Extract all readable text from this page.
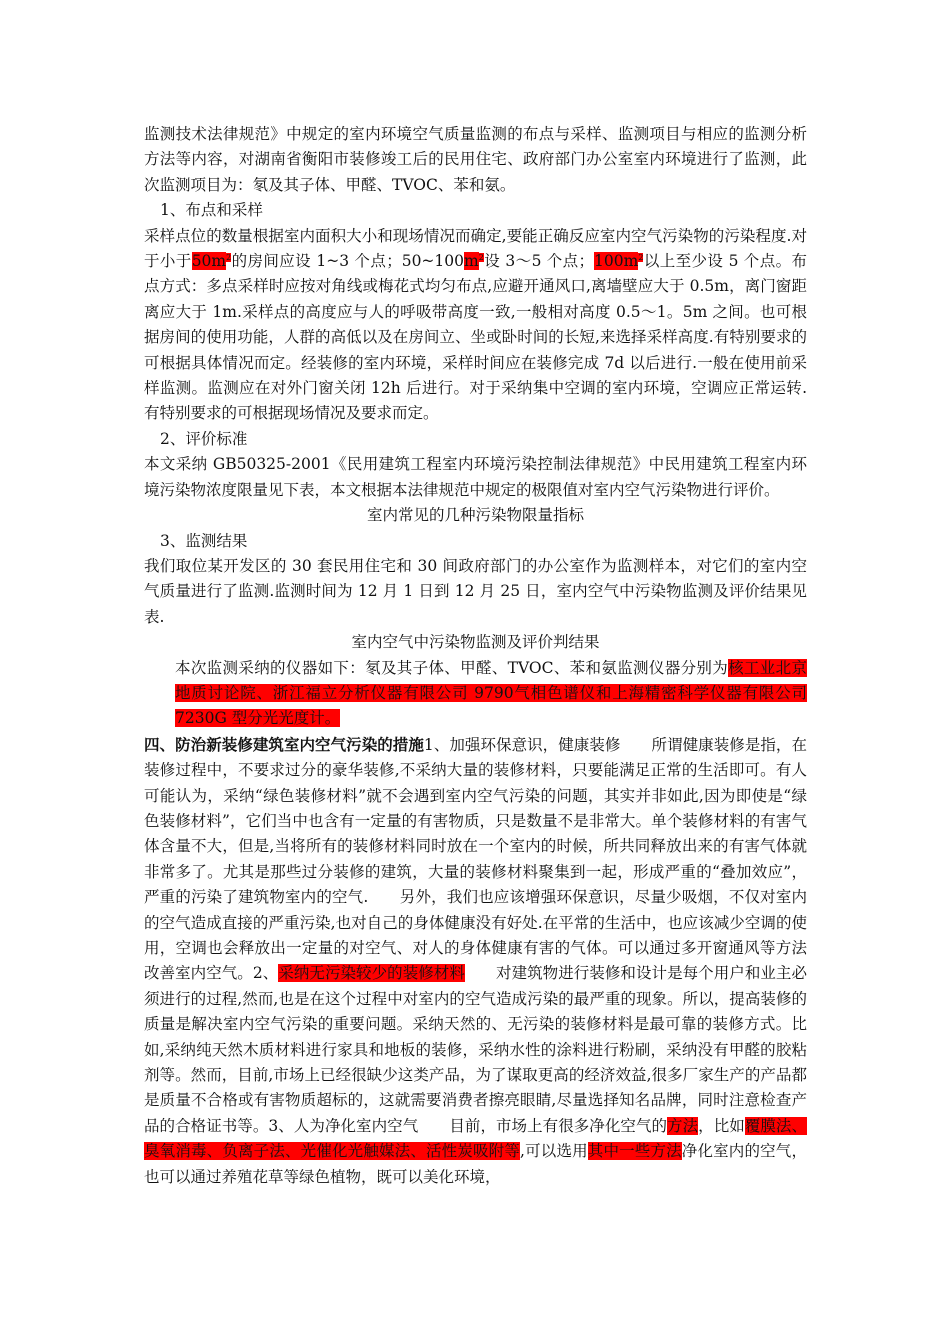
监测技术法律规范》中规定的室内环境空气质量监测的布点与采样、监测项目与相应的监测分析方法等内容，对湖南省衡阳市装修竣工后的民用住宅、政府部门办公室室内环境进行了监测，此次监测项目为：氡及其子体、甲醛、TVOC、苯和氨。

1、布点和采样

采样点位的数量根据室内面积大小和现场情况而确定,要能正确反应室内空气污染物的污染程度.对于小于$50m^2$的房间应设 1~3 个点；$50\sim 100m^2$设 3～5 个点；$100m^2$以上至少设 5 个点。布点方式：多点采样时应按对角线或梅花式均匀布点,应避开通风口,离墙壁应大于 0.5m，离门窗距离应大于 1m.采样点的高度应与人的呼吸带高度一致,一般相对高度 0.5～1。5m 之间。也可根据房间的使用功能，人群的高低以及在房间立、坐或卧时间的长短,来选择采样高度.有特别要求的可根据具体情况而定。经装修的室内环境，采样时间应在装修完成 7d 以后进行.一般在使用前采样监测。监测应在对外门窗关闭 12h 后进行。对于采纳集中空调的室内环境，空调应正常运转.有特别要求的可根据现场情况及要求而定。

2、评价标准

本文采纳 GB50325-2001《民用建筑工程室内环境污染控制法律规范》中民用建筑工程室内环境污染物浓度限量见下表，本文根据本法律规范中规定的极限值对室内空气污染物进行评价。

室内常见的几种污染物限量指标

3、监测结果

我们取位某开发区的 30 套民用住宅和 30 间政府部门的办公室作为监测样本，对它们的室内空气质量进行了监测.监测时间为 12 月 1 日到 12 月 25 日，室内空气中污染物监测及评价结果见表.

室内空气中污染物监测及评价判结果

本次监测采纳的仪器如下：氡及其子体、甲醛、TVOC、苯和氨监测仪器分别为核工业北京地质讨论院、浙江福立分析仪器有限公司 9790气相色谱仪和上海精密科学仪器有限公司 7230G 型分光光度计。

四、防治新装修建筑室内空气污染的措施1、加强环保意识，健康装修　　所谓健康装修是指，在装修过程中，不要求过分的豪华装修,不采纳大量的装修材料，只要能满足正常的生活即可。有人可能认为，采纳“绿色装修材料”就不会遇到室内空气污染的问题，其实并非如此,因为即使是“绿色装修材料”，它们当中也含有一定量的有害物质，只是数量不是非常大。单个装修材料的有害气体含量不大，但是,当将所有的装修材料同时放在一个室内的时候，所共同释放出来的有害气体就非常多了。尤其是那些过分装修的建筑，大量的装修材料聚集到一起，形成严重的“叠加效应”，严重的污染了建筑物室内的空气.　　另外，我们也应该增强环保意识，尽量少吸烟，不仅对室内的空气造成直接的严重污染,也对自己的身体健康没有好处.在平常的生活中，也应该减少空调的使用，空调也会释放出一定量的对空气、对人的身体健康有害的气体。可以通过多开窗通风等方法改善室内空气。2、采纳无污染较少的装修材料　　对建筑物进行装修和设计是每个用户和业主必须进行的过程,然而,也是在这个过程中对室内的空气造成污染的最严重的现象。所以，提高装修的质量是解决室内空气污染的重要问题。采纳天然的、无污染的装修材料是最可靠的装修方式。比如,采纳纯天然木质材料进行家具和地板的装修，采纳水性的涂料进行粉刷，采纳没有甲醛的胶粘剂等。然而，目前,市场上已经很缺少这类产品，为了谋取更高的经济效益,很多厂家生产的产品都是质量不合格或有害物质超标的，这就需要消费者擦亮眼睛,尽量选择知名品牌，同时注意检查产品的合格证书等。3、人为净化室内空气　　目前，市场上有很多净化空气的方法，比如覆膜法、臭氧消毒、负离子法、光催化光触媒法、活性炭吸附等,可以选用其中一些方法净化室内的空气，也可以通过养殖花草等绿色植物，既可以美化环境，
